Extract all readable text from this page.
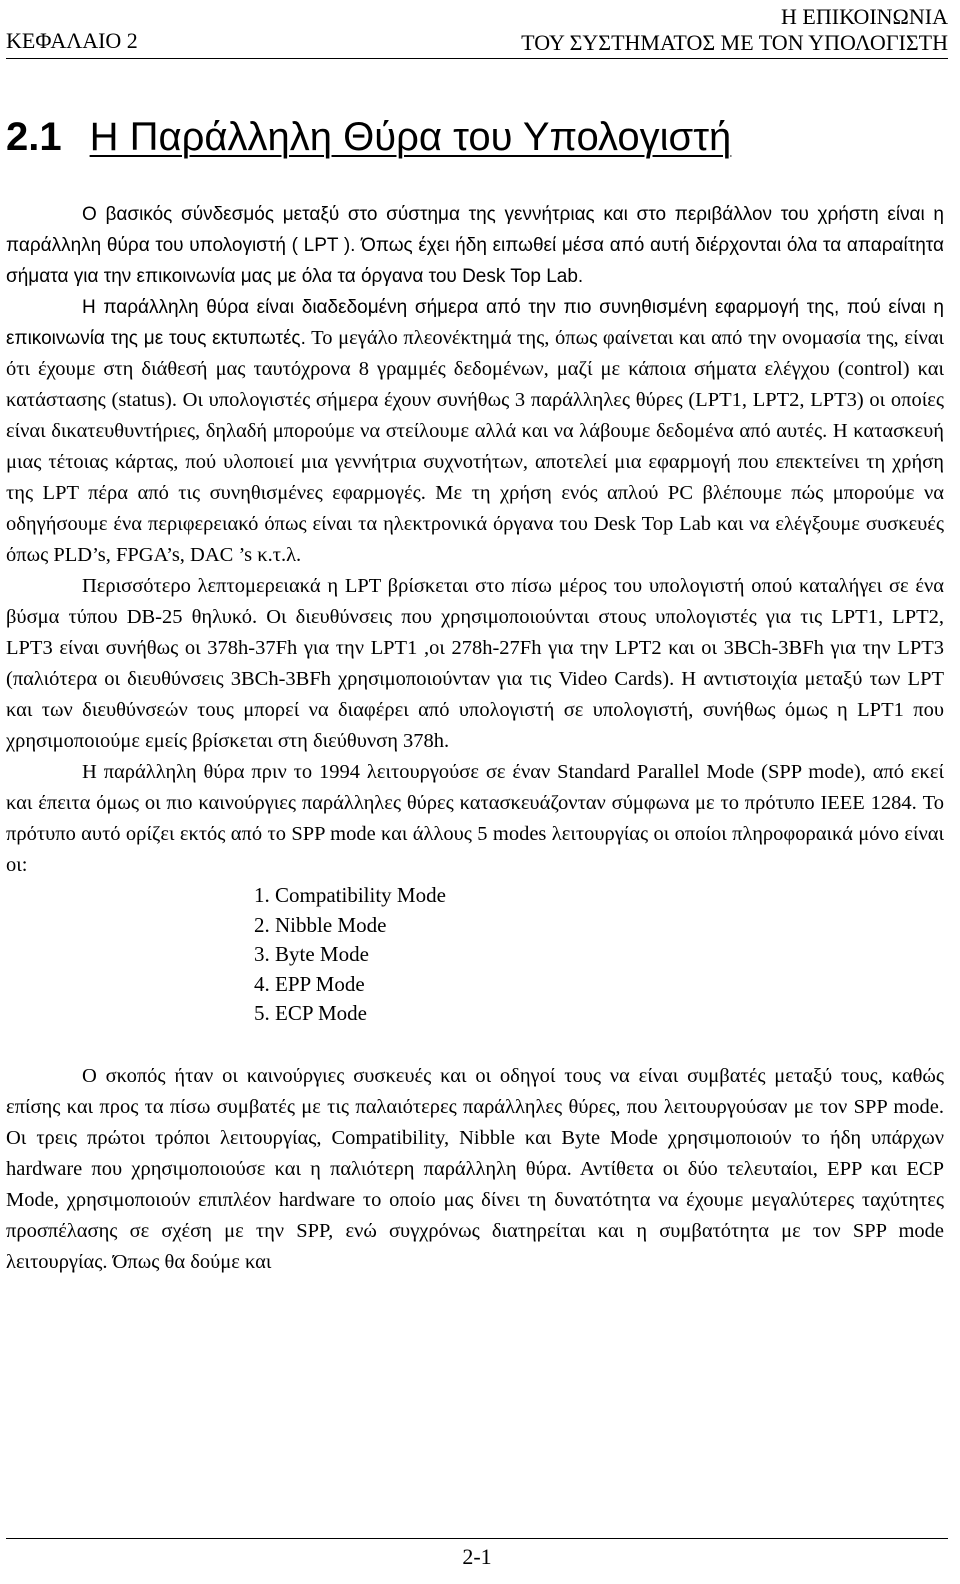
ΚΕΦΑΛΑΙΟ 2
Η ΕΠΙΚΟΙΝΩΝΙΑ
ΤΟΥ ΣΥΣΤΗΜΑΤΟΣ ΜΕ ΤΟΝ ΥΠΟΛΟΓΙΣΤΗ
2.1 Η Παράλληλη Θύρα του Υπολογιστή

Ο βασικός σύνδεσμός μεταξύ στο σύστημα της γεννήτριας και στο περιβάλλον του χρήστη είναι η παράλληλη θύρα του υπολογιστή ( LPT ). Όπως έχει ήδη ειπωθεί μέσα από αυτή διέρχονται όλα τα απαραίτητα σήματα για την επικοινωνία μας με όλα τα όργανα του Desk Top Lab.

Η παράλληλη θύρα είναι διαδεδομένη σήμερα από την πιο συνηθισμένη εφαρμογή της, πού είναι η επικοινωνία της με τους εκτυπωτές. Το μεγάλο πλεονέκτημά της, όπως φαίνεται και από την ονομασία της, είναι ότι έχουμε στη διάθεσή μας ταυτόχρονα 8 γραμμές δεδομένων, μαζί με κάποια σήματα ελέγχου (control) και κατάστασης (status). Οι υπολογιστές σήμερα έχουν συνήθως 3 παράλληλες θύρες (LPT1, LPT2, LPT3) οι οποίες είναι δικατευθυντήριες, δηλαδή μπορούμε να στείλουμε αλλά και να λάβουμε δεδομένα από αυτές. Η κατασκευή μιας τέτοιας κάρτας, πού υλοποιεί μια γεννήτρια συχνοτήτων, αποτελεί μια εφαρμογή που επεκτείνει τη χρήση της LPT πέρα από τις συνηθισμένες εφαρμογές. Με τη χρήση ενός απλού PC βλέπουμε πώς μπορούμε να οδηγήσουμε ένα περιφερειακό όπως είναι τα ηλεκτρονικά όργανα του Desk Top Lab και να ελέγξουμε συσκευές όπως PLD’s, FPGA’s, DAC ’s κ.τ.λ.

Περισσότερο λεπτομερειακά η LPT βρίσκεται στο πίσω μέρος του υπολογιστή οπού καταλήγει σε ένα βύσμα τύπου DB-25 θηλυκό. Οι διευθύνσεις που χρησιμοποιούνται στους υπολογιστές για τις LPT1, LPT2, LPT3 είναι συνήθως οι 378h-37Fh για την LPT1 ,οι 278h-27Fh για την LPT2 και οι 3BCh-3BFh για την LPT3 (παλιότερα οι διευθύνσεις 3BCh-3BFh χρησιμοποιούνταν για τις Video Cards). Η αντιστοιχία μεταξύ των LPT και των διευθύνσεών τους μπορεί να διαφέρει από υπολογιστή σε υπολογιστή, συνήθως όμως η LPT1 που χρησιμοποιούμε εμείς βρίσκεται στη διεύθυνση 378h.

Η παράλληλη θύρα πριν το 1994 λειτουργούσε σε έναν Standard Parallel Mode (SPP mode), από εκεί και έπειτα όμως οι πιο καινούργιες παράλληλες θύρες κατασκευάζονταν σύμφωνα με το πρότυπο IEEE 1284. Το πρότυπο αυτό ορίζει εκτός από το SPP mode και άλλους 5 modes λειτουργίας οι οποίοι πληροφοραικά μόνο είναι οι:

1. Compatibility Mode
2. Nibble Mode
3. Byte Mode
4. EPP Mode
5. ECP Mode

Ο σκοπός ήταν οι καινούργιες συσκευές και οι οδηγοί τους να είναι συμβατές μεταξύ τους, καθώς επίσης και προς τα πίσω συμβατές με τις παλαιότερες παράλληλες θύρες, που λειτουργούσαν με τον SPP mode. Οι τρεις πρώτοι τρόποι λειτουργίας, Compatibility, Nibble και Byte Mode χρησιμοποιούν το ήδη υπάρχων hardware που χρησιμοποιούσε και η παλιότερη παράλληλη θύρα. Αντίθετα οι δύο τελευταίοι, EPP και ECP Mode, χρησιμοποιούν επιπλέον hardware το οποίο μας δίνει τη δυνατότητα να έχουμε μεγαλύτερες ταχύτητες προσπέλασης σε σχέση με την SPP, ενώ συγχρόνως διατηρείται και η συμβατότητα με τον SPP mode λειτουργίας. Όπως θα δούμε και

2-1
